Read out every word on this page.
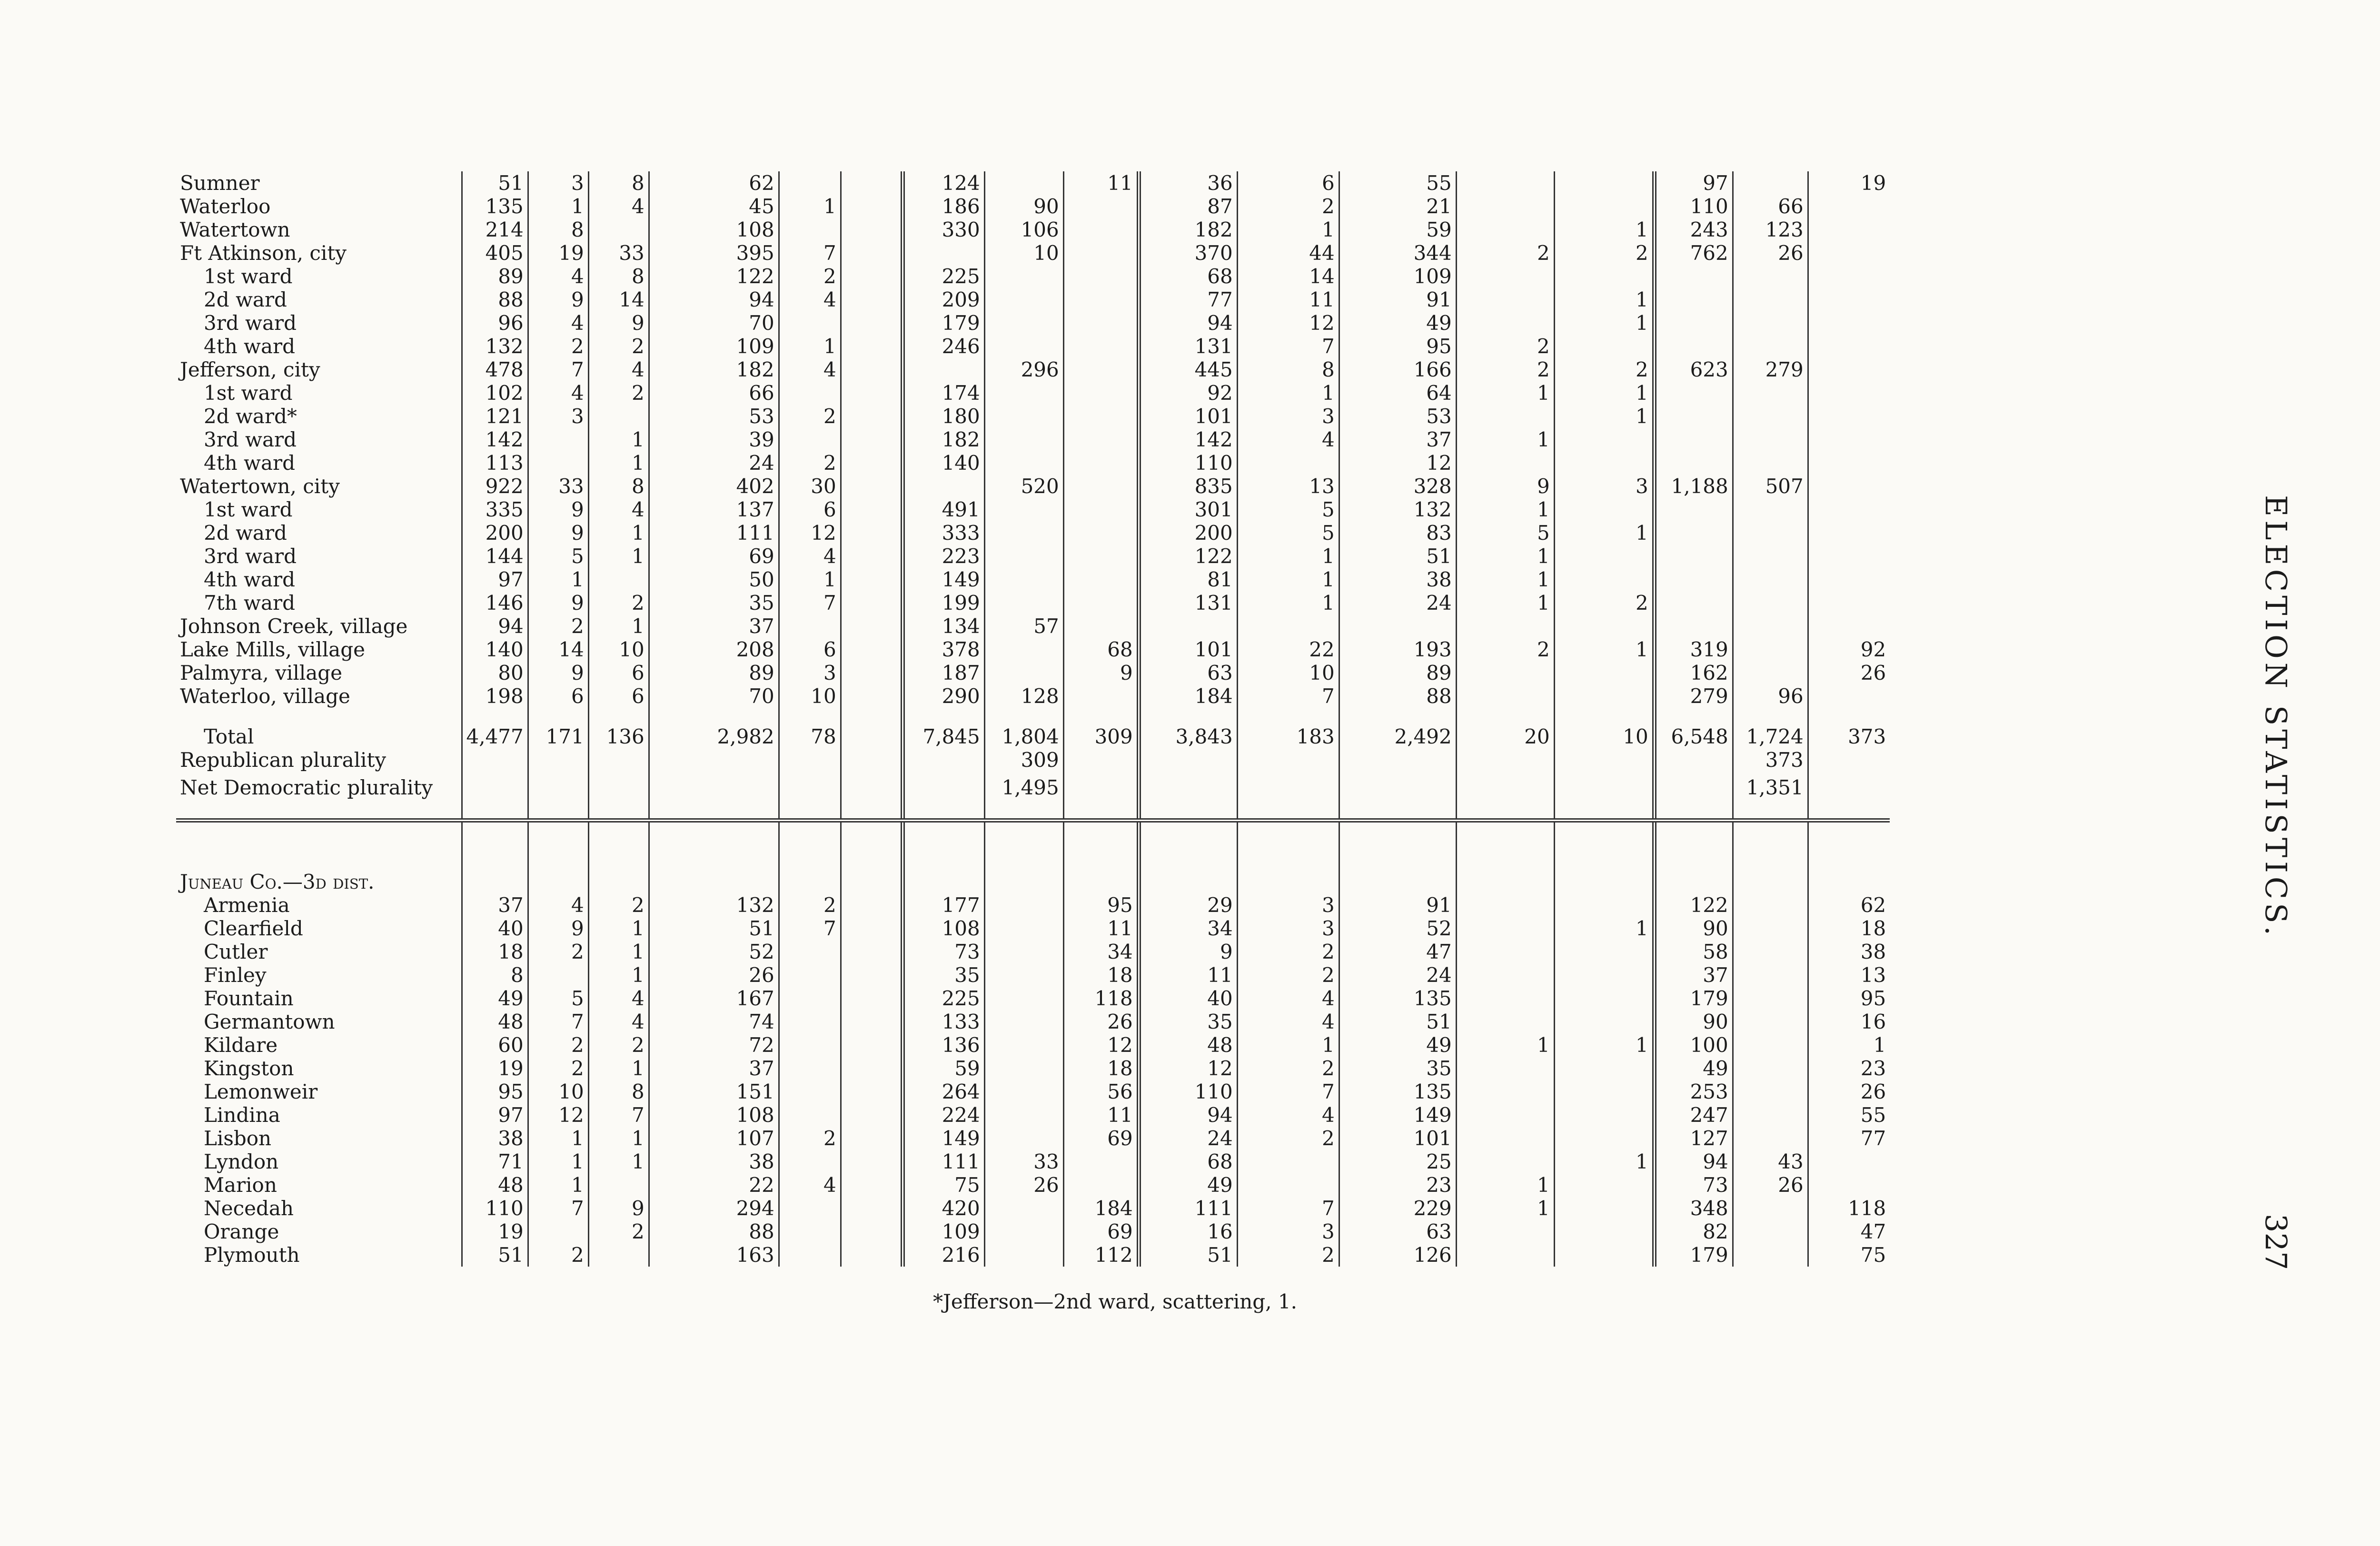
Sumner	51	3	8	62			124		11	36	6	55			97		19
Waterloo	135	1	4	45	1		186	90		87	2	21			110	66	
Watertown	214	8		108			330	106		182	1	59		1	243	123	
Ft Atkinson, city	405	19	33	395	7			10		370	44	344	2	2	762	26	
1st ward	89	4	8	122	2		225			68	14	109					
2d ward	88	9	14	94	4		209			77	11	91		1			
3rd ward	96	4	9	70			179			94	12	49		1			
4th ward	132	2	2	109	1		246			131	7	95	2				
Jefferson, city	478	7	4	182	4			296		445	8	166	2	2	623	279	
1st ward	102	4	2	66			174			92	1	64	1	1			
2d ward*	121	3		53	2		180			101	3	53		1			
3rd ward	142		1	39			182			142	4	37	1				
4th ward	113		1	24	2		140			110		12					
Watertown, city	922	33	8	402	30			520		835	13	328	9	3	1,188	507	
1st ward	335	9	4	137	6		491			301	5	132	1				
2d ward	200	9	1	111	12		333			200	5	83	5	1			
3rd ward	144	5	1	69	4		223			122	1	51	1				
4th ward	97	1		50	1		149			81	1	38	1				
7th ward	146	9	2	35	7		199			131	1	24	1	2			
Johnson Creek, village	94	2	1	37			134	57									
Lake Mills, village	140	14	10	208	6		378		68	101	22	193	2	1	319		92
Palmyra, village	80	9	6	89	3		187		9	63	10	89			162		26
Waterloo, village	198	6	6	70	10		290	128		184	7	88			279	96	

Total	4,477	171	136	2,982	78		7,845	1,804	309	3,843	183	2,492	20	10	6,548	1,724	373
Republican plurality								309								373	
Net Democratic plurality								1,495								1,351	

Juneau Co.—3d dist.																	
Armenia	37	4	2	132	2		177		95	29	3	91			122		62
Clearfield	40	9	1	51	7		108		11	34	3	52		1	90		18
Cutler	18	2	1	52			73		34	9	2	47			58		38
Finley	8		1	26			35		18	11	2	24			37		13
Fountain	49	5	4	167			225		118	40	4	135			179		95
Germantown	48	7	4	74			133		26	35	4	51			90		16
Kildare	60	2	2	72			136		12	48	1	49	1	1	100		1
Kingston	19	2	1	37			59		18	12	2	35			49		23
Lemonweir	95	10	8	151			264		56	110	7	135			253		26
Lindina	97	12	7	108			224		11	94	4	149			247		55
Lisbon	38	1	1	107	2		149		69	24	2	101			127		77
Lyndon	71	1	1	38			111	33		68		25		1	94	43	
Marion	48	1		22	4		75	26		49		23	1		73	26	
Necedah	110	7	9	294			420		184	111	7	229	1		348		118
Orange	19		2	88			109		69	16	3	63			82		47
Plymouth	51	2		163			216		112	51	2	126			179		75
*Jefferson—2nd ward, scattering, 1.
ELECTION STATISTICS.
327
